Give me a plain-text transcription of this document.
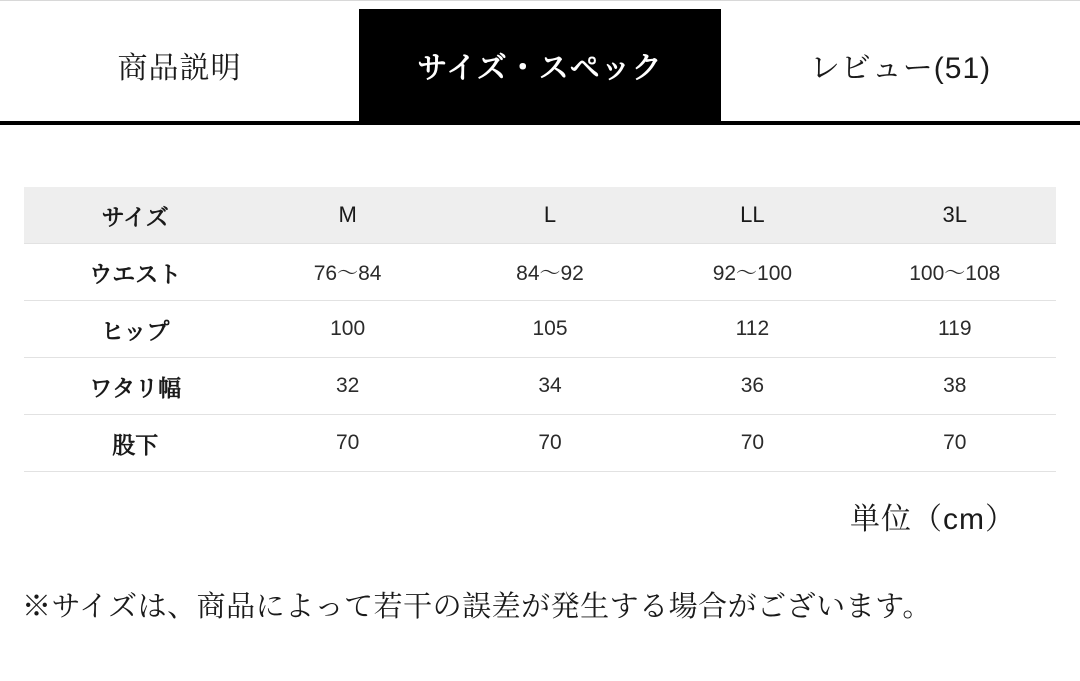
商品説明	サイズ・スペック	レビュー(51)
サイズ	M	L	LL	3L
ウエスト	76〜84	84〜92	92〜100	100〜108
ヒップ	100	105	112	119
ワタリ幅	32	34	36	38
股下	70	70	70	70
単位（cm）
※サイズは、商品によって若干の誤差が発生する場合がございます。
